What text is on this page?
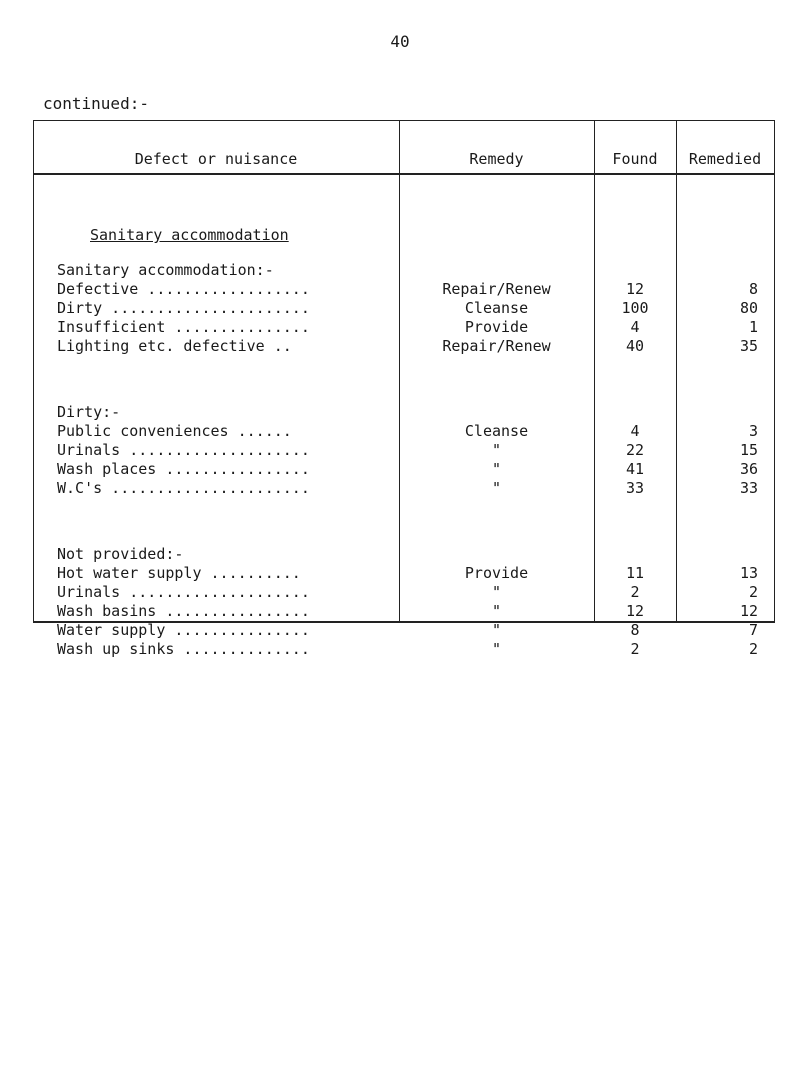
40
continued:-
Defect or nuisance	Remedy	Found	Remedied
Sanitary accommodation
Sanitary accommodation:-
Defective ..................	Repair/Renew	12	8
Dirty ......................	Cleanse	100	80
Insufficient ...............	Provide	4	1
Lighting etc. defective ..	Repair/Renew	40	35
Dirty:-
Public conveniences ......	Cleanse	4	3
Urinals ....................	"	22	15
Wash places ................	"	41	36
W.C's ......................	"	33	33
Not provided:-
Hot water supply ..........	Provide	11	13
Urinals ....................	"	2	2
Wash basins ................	"	12	12
Water supply ...............	"	8	7
Wash up sinks ..............	"	2	2
